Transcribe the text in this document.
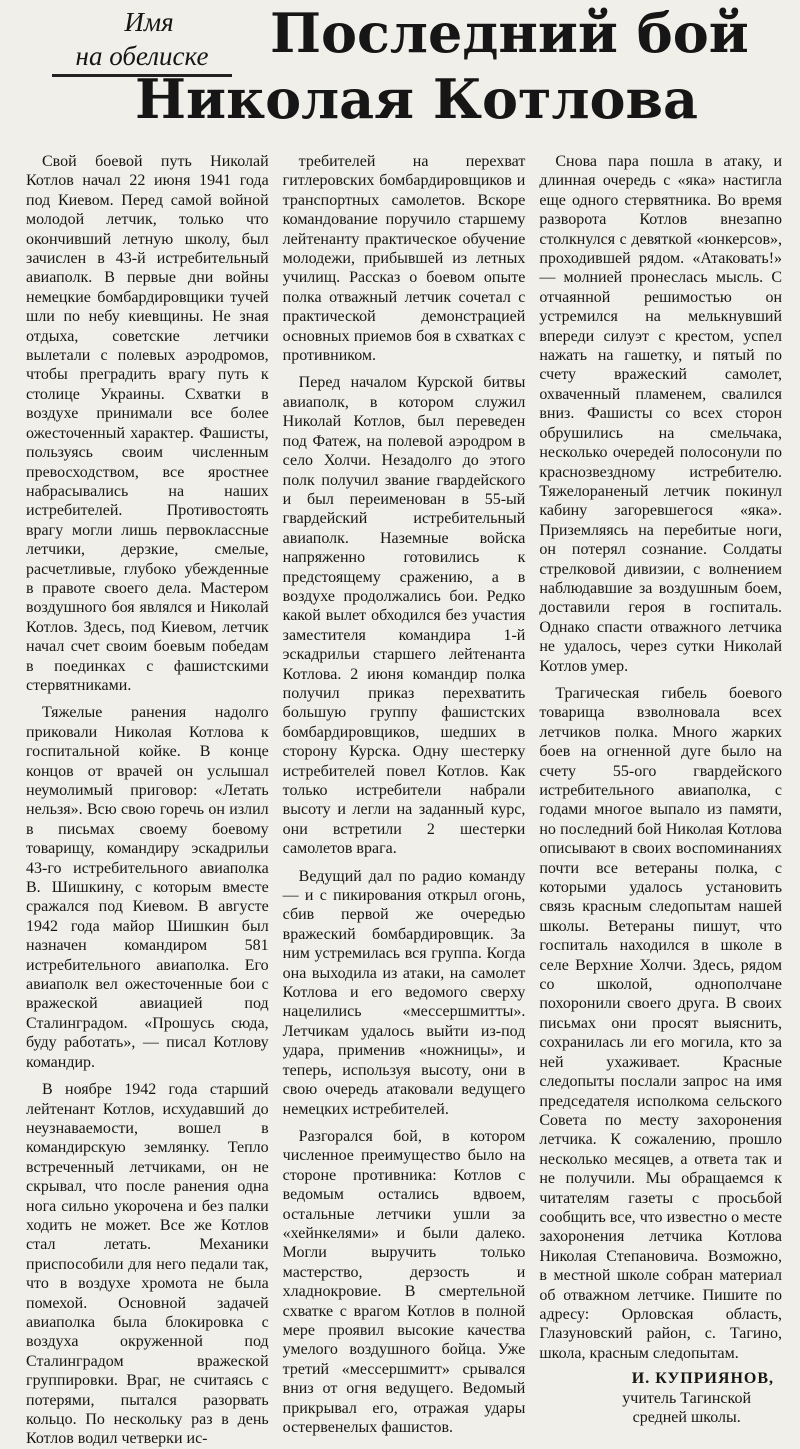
Имя
на обелиске	Последний бой
Николая Котлова

Свой боевой путь Николай Котлов начал 22 июня 1941 года под Киевом. Перед самой войной молодой летчик, только что окончивший летную школу, был зачислен в 43-й истребительный авиаполк. В первые дни войны немецкие бомбардировщики тучей шли по небу киевщины. Не зная отдыха, советские летчики вылетали с полевых аэродромов, чтобы преградить врагу путь к столице Украины. Схватки в воздухе принимали все более ожесточенный характер. Фашисты, пользуясь своим численным превосходством, все яростнее набрасывались на наших истребителей. Противостоять врагу могли лишь первоклассные летчики, дерзкие, смелые, расчетливые, глубоко убежденные в правоте своего дела. Мастером воздушного боя являлся и Николай Котлов. Здесь, под Киевом, летчик начал счет своим боевым победам в поединках с фашистскими стервятниками.

Тяжелые ранения надолго приковали Николая Котлова к госпитальной койке. В конце концов от врачей он услышал неумолимый приговор: «Летать нельзя». Всю свою горечь он излил в письмах своему боевому товарищу, командиру эскадрильи 43-го истребительного авиаполка В. Шишкину, с которым вместе сражался под Киевом. В августе 1942 года майор Шишкин был назначен командиром 581 истребительного авиаполка. Его авиаполк вел ожесточенные бои с вражеской авиацией под Сталинградом. «Прошусь сюда, буду работать», — писал Котлову командир.

В ноябре 1942 года старший лейтенант Котлов, исхудавший до неузнаваемости, вошел в командирскую землянку. Тепло встреченный летчиками, он не скрывал, что после ранения одна нога сильно укорочена и без палки ходить не может. Все же Котлов стал летать. Механики приспособили для него педали так, что в воздухе хромота не была помехой. Основной задачей авиаполка была блокировка с воздуха окруженной под Сталинградом вражеской группировки. Враг, не считаясь с потерями, пытался разорвать кольцо. По нескольку раз в день Котлов водил четверки ис-

требителей на перехват гитлеровских бомбардировщиков и транспортных самолетов. Вскоре командование поручило старшему лейтенанту практическое обучение молодежи, прибывшей из летных училищ. Рассказ о боевом опыте полка отважный летчик сочетал с практической демонстрацией основных приемов боя в схватках с противником.

Перед началом Курской битвы авиаполк, в котором служил Николай Котлов, был переведен под Фатеж, на полевой аэродром в село Холчи. Незадолго до этого полк получил звание гвардейского и был переименован в 55-ый гвардейский истребительный авиаполк. Наземные войска напряженно готовились к предстоящему сражению, а в воздухе продолжались бои. Редко какой вылет обходился без участия заместителя командира 1-й эскадрильи старшего лейтенанта Котлова. 2 июня командир полка получил приказ перехватить большую группу фашистских бомбардировщиков, шедших в сторону Курска. Одну шестерку истребителей повел Котлов. Как только истребители набрали высоту и легли на заданный курс, они встретили 2 шестерки самолетов врага.

Ведущий дал по радио команду — и с пикирования открыл огонь, сбив первой же очередью вражеский бомбардировщик. За ним устремилась вся группа. Когда она выходила из атаки, на самолет Котлова и его ведомого сверху нацелились «мессершмитты». Летчикам удалось выйти из-под удара, применив «ножницы», и теперь, используя высоту, они в свою очередь атаковали ведущего немецких истребителей.

Разгорался бой, в котором численное преимущество было на стороне противника: Котлов с ведомым остались вдвоем, остальные летчики ушли за «хейнкелями» и были далеко. Могли выручить только мастерство, дерзость и хладнокровие. В смертельной схватке с врагом Котлов в полной мере проявил высокие качества умелого воздушного бойца. Уже третий «мессершмитт» срывался вниз от огня ведущего. Ведомый прикрывал его, отражая удары остервенелых фашистов.

Снова пара пошла в атаку, и длинная очередь с «яка» настигла еще одного стервятника. Во время разворота Котлов внезапно столкнулся с девяткой «юнкерсов», проходившей рядом. «Атаковать!» — молнией пронеслась мысль. С отчаянной решимостью он устремился на мелькнувший впереди силуэт с крестом, успел нажать на гашетку, и пятый по счету вражеский самолет, охваченный пламенем, свалился вниз. Фашисты со всех сторон обрушились на смельчака, несколько очередей полосонули по краснозвездному истребителю. Тяжелораненый летчик покинул кабину загоревшегося «яка». Приземляясь на перебитые ноги, он потерял сознание. Солдаты стрелковой дивизии, с волнением наблюдавшие за воздушным боем, доставили героя в госпиталь. Однако спасти отважного летчика не удалось, через сутки Николай Котлов умер.

Трагическая гибель боевого товарища взволновала всех летчиков полка. Много жарких боев на огненной дуге было на счету 55-ого гвардейского истребительного авиаполка, с годами многое выпало из памяти, но последний бой Николая Котлова описывают в своих воспоминаниях почти все ветераны полка, с которыми удалось установить связь красным следопытам нашей школы. Ветераны пишут, что госпиталь находился в школе в селе Верхние Холчи. Здесь, рядом со школой, однополчане похоронили своего друга. В своих письмах они просят выяснить, сохранилась ли его могила, кто за ней ухаживает. Красные следопыты послали запрос на имя председателя исполкома сельского Совета по месту захоронения летчика. К сожалению, прошло несколько месяцев, а ответа так и не получили. Мы обращаемся к читателям газеты с просьбой сообщить все, что известно о месте захоронения летчика Котлова Николая Степановича. Возможно, в местной школе собран материал об отважном летчике. Пишите по адресу: Орловская область, Глазуновский район, с. Тагино, школа, красным следопытам.

И. КУПРИЯНОВ,
учитель Тагинской
средней школы.
